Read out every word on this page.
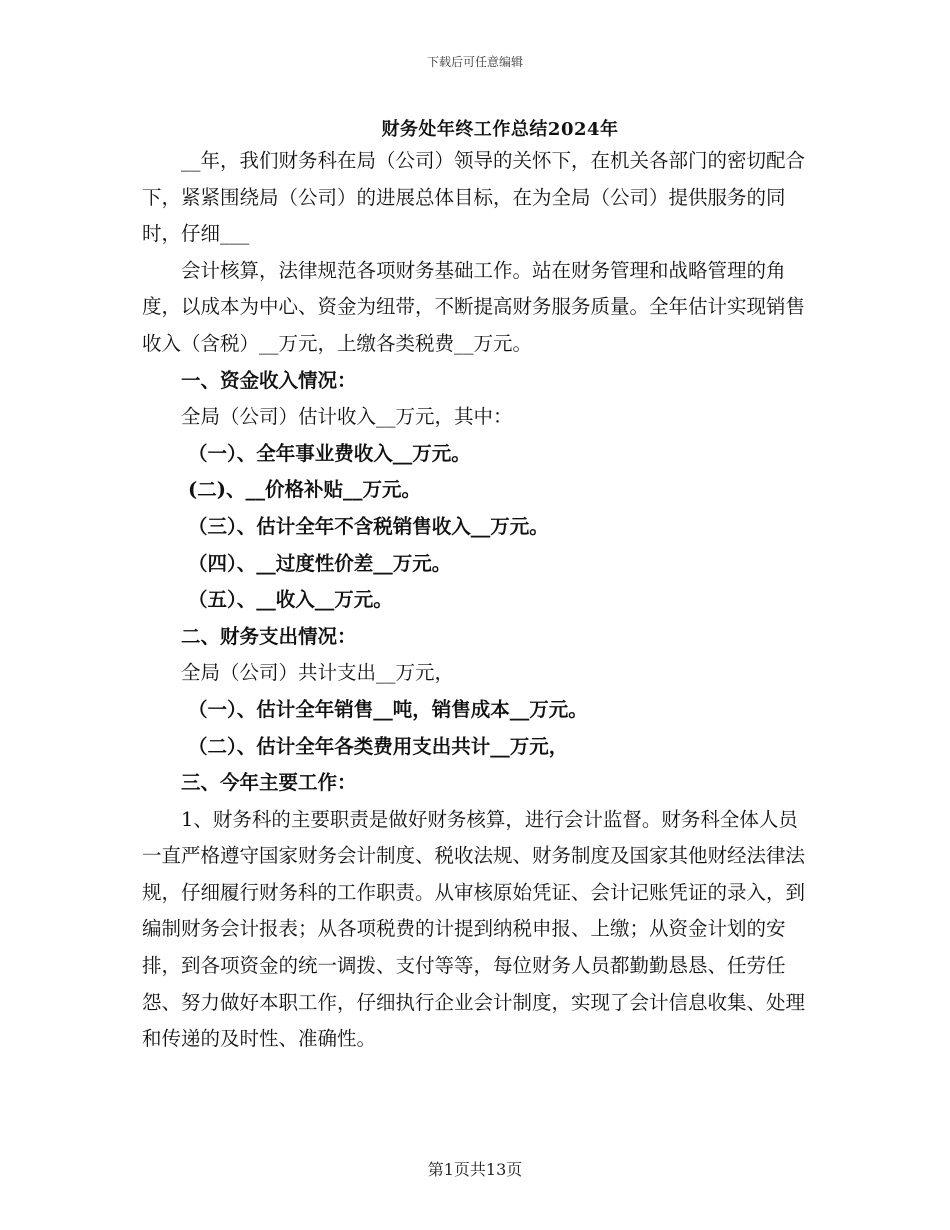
下载后可任意编辑
财务处年终工作总结2024年

__年，我们财务科在局（公司）领导的关怀下，在机关各部门的密切配合下，紧紧围绕局（公司）的进展总体目标，在为全局（公司）提供服务的同时，仔细___

会计核算，法律规范各项财务基础工作。站在财务管理和战略管理的角度，以成本为中心、资金为纽带，不断提高财务服务质量。全年估计实现销售收入（含税）__万元，上缴各类税费__万元。

一、资金收入情况：

全局（公司）估计收入__万元，其中：

（一）、全年事业费收入__万元。

(二)、__价格补贴__万元。

（三）、估计全年不含税销售收入__万元。

（四）、__过度性价差__万元。

（五）、__收入__万元。

二、财务支出情况：

全局（公司）共计支出__万元，

（一）、估计全年销售__吨，销售成本__万元。

（二）、估计全年各类费用支出共计__万元，

三、今年主要工作：

1、财务科的主要职责是做好财务核算，进行会计监督。财务科全体人员一直严格遵守国家财务会计制度、税收法规、财务制度及国家其他财经法律法规，仔细履行财务科的工作职责。从审核原始凭证、会计记账凭证的录入，到编制财务会计报表；从各项税费的计提到纳税申报、上缴；从资金计划的安排，到各项资金的统一调拨、支付等等，每位财务人员都勤勤恳恳、任劳任怨、努力做好本职工作，仔细执行企业会计制度，实现了会计信息收集、处理和传递的及时性、准确性。

第1页共13页
